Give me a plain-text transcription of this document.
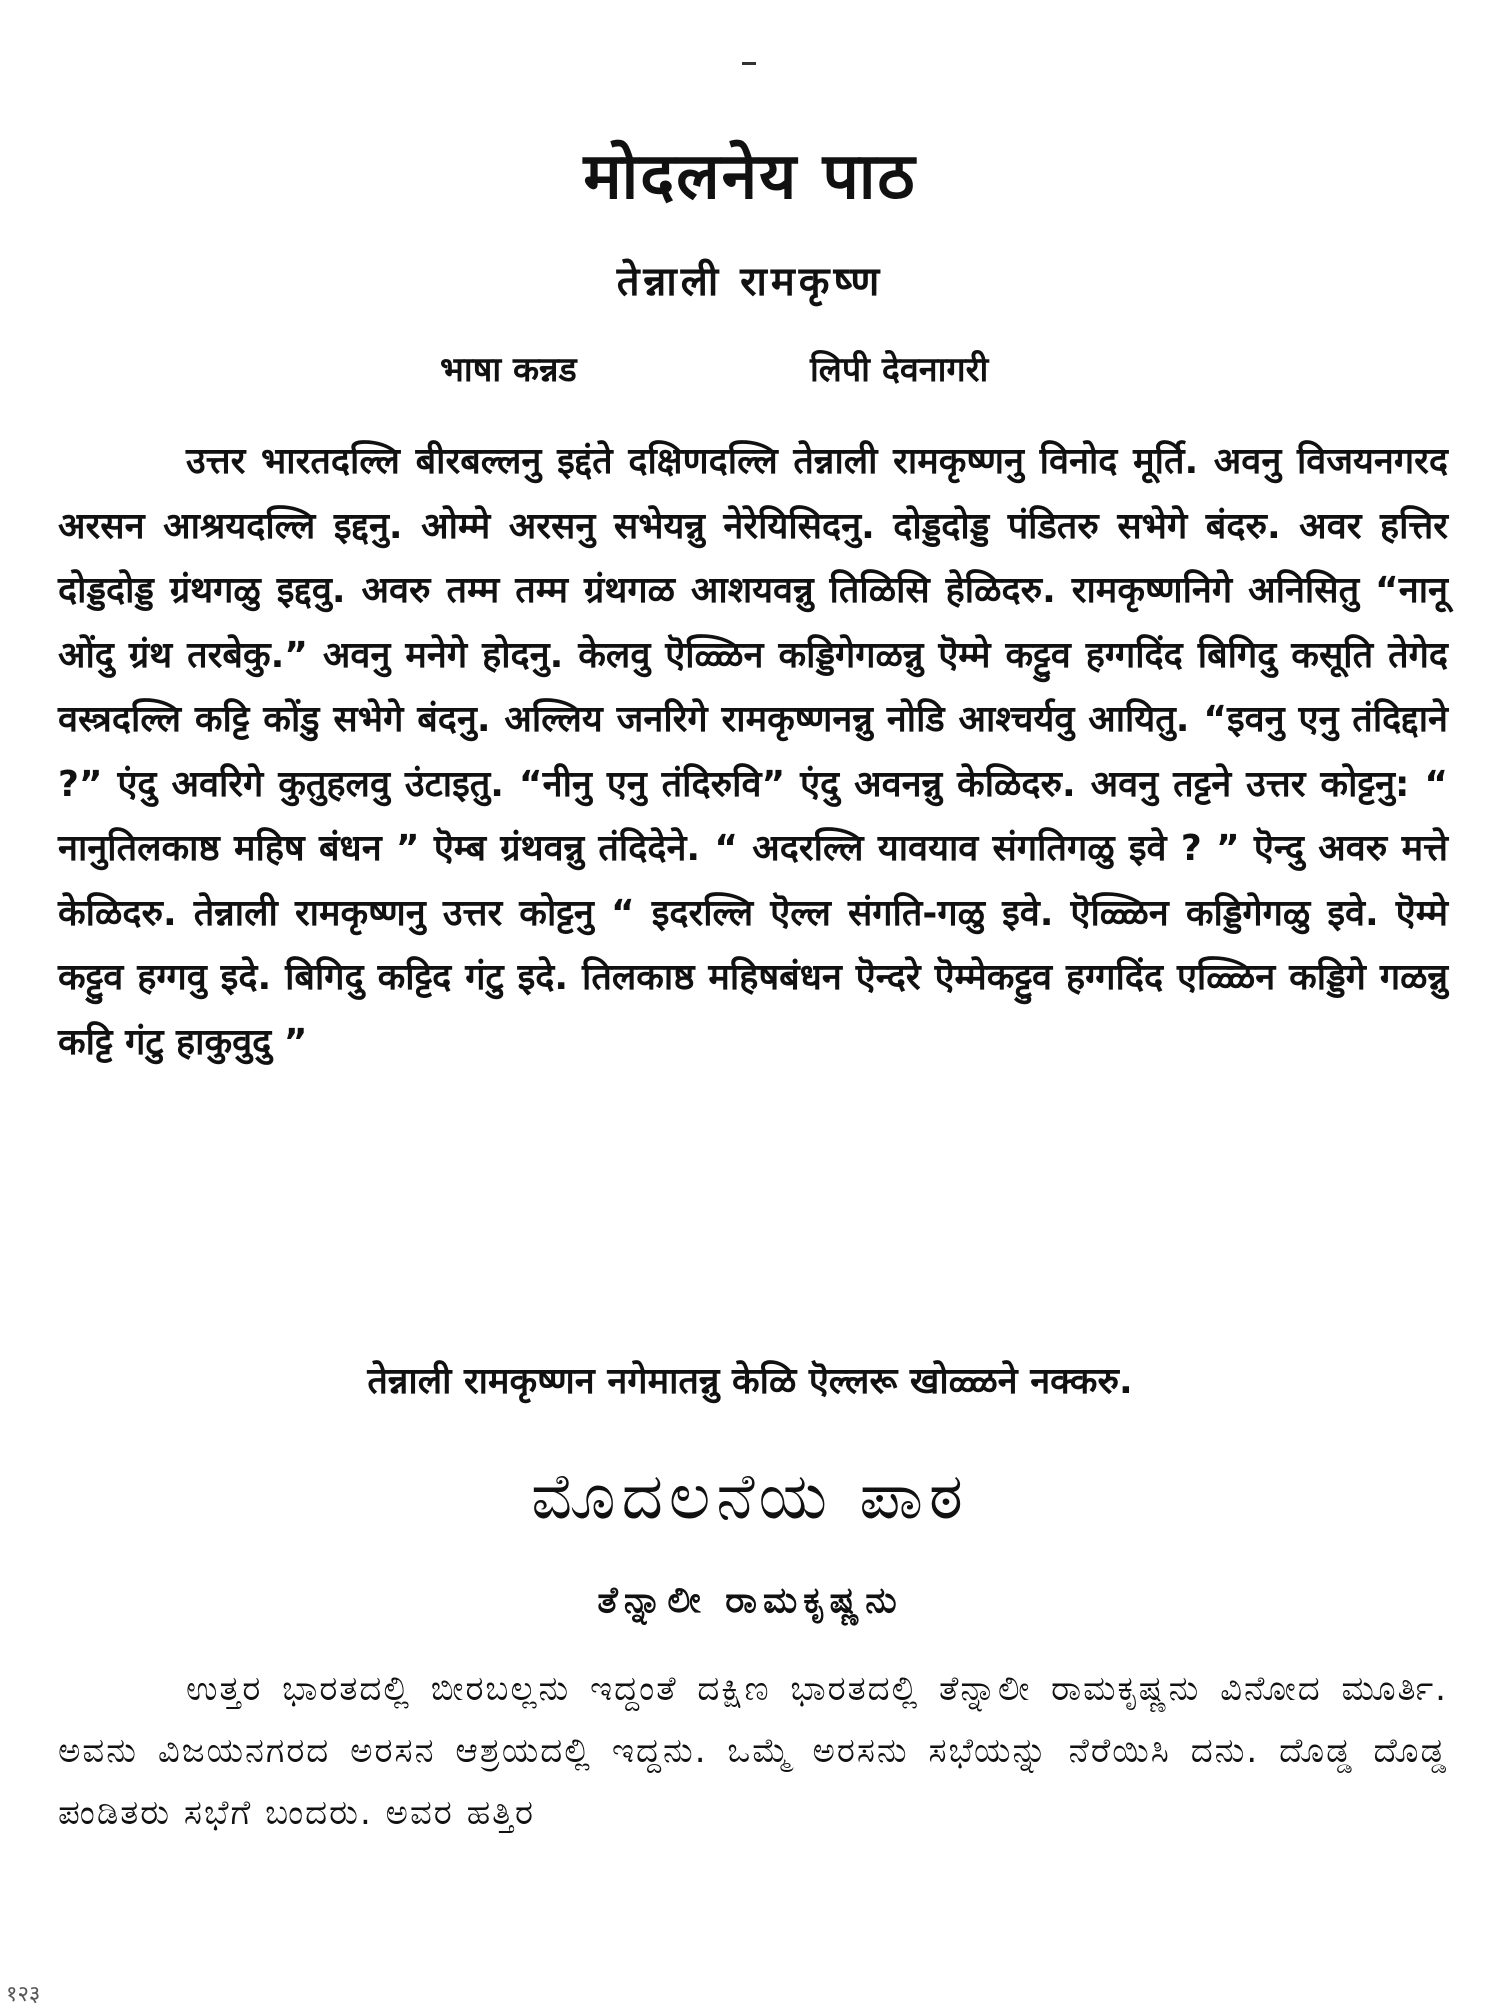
मोदलनेय पाठ
तेन्नाली रामकृष्ण
भाषा कन्नड	लिपी देवनागरी

उत्तर भारतदल्लि बीरबल्लनु इद्दंते दक्षिणदल्लि तेन्नाली रामकृष्णनु विनोद मूर्ति. अवनु विजयनगरद अरसन आश्रयदल्लि इद्दनु. ओम्मे अरसनु सभेयन्नु नेरेयिसिदनु. दोड्डदोड्ड पंडितरु सभेगे बंदरु. अवर हत्तिर दोड्डदोड्ड ग्रंथगळु इद्दवु. अवरु तम्म तम्म ग्रंथगळ आशयवन्नु तिळिसि हेळिदरु. रामकृष्णनिगे अनिसितु “नानू ओंदु ग्रंथ तरबेकु.” अवनु मनेगे होदनु. केलवु ऎळ्ळिन कड्डिगेगळन्नु ऎम्मे कट्टुव हग्गदिंद बिगिदु कसूति तेगेद वस्त्रदल्लि कट्टि कोंडु सभेगे बंदनु. अल्लिय जनरिगे रामकृष्णनन्नु नोडि आश्चर्यवु आयितु. “इवनु एनु तंदिद्दाने ?” एंदु अवरिगे कुतुहलवु उंटाइतु. “नीनु एनु तंदिरुवि” एंदु अवनन्नु केळिदरु. अवनु तट्टने उत्तर कोट्टनु: “ नानुतिलकाष्ठ महिष बंधन ” ऎम्ब ग्रंथवन्नु तंदिदेने. “ अदरल्लि यावयाव संगतिगळु इवे ? ” ऎन्दु अवरु मत्ते केळिदरु. तेन्नाली रामकृष्णनु उत्तर कोट्टनु “ इदरल्लि ऎल्ल संगति-गळु इवे. ऎळ्ळिन कड्डिगेगळु इवे. ऎम्मे कट्टुव हग्गवु इदे. बिगिदु कट्टिद गंटु इदे. तिलकाष्ठ महिषबंधन ऎन्दरे ऎम्मेकट्टुव हग्गदिंद एळ्ळिन कड्डिगे गळन्नु कट्टि गंटु हाकुवुदु ”

तेन्नाली रामकृष्णन नगेमातन्नु केळि ऎल्लरू खोळ्ळने नक्करु.

ಮೊದಲನೆಯ ಪಾಠ
ತೆನ್ನಾಲೀ ರಾಮಕೃಷ್ಣನು

ಉತ್ತರ ಭಾರತದಲ್ಲಿ ಬೀರಬಲ್ಲನು ಇದ್ದಂತೆ ದಕ್ಷಿಣ ಭಾರತದಲ್ಲಿ ತೆನ್ನಾಲೀ ರಾಮಕೃಷ್ಣನು ವಿನೋದ ಮೂರ್ತಿ. ಅವನು ವಿಜಯನಗರದ ಅರಸನ ಆಶ್ರಯದಲ್ಲಿ ಇದ್ದನು. ಒಮ್ಮೆ ಅರಸನು ಸಭೆಯನ್ನು ನೆರೆಯಿಸಿ ದನು. ದೊಡ್ಡ ದೊಡ್ಡ ಪಂಡಿತರು ಸಭೆಗೆ ಬಂದರು. ಅವರ ಹತ್ತಿರ

१२३
